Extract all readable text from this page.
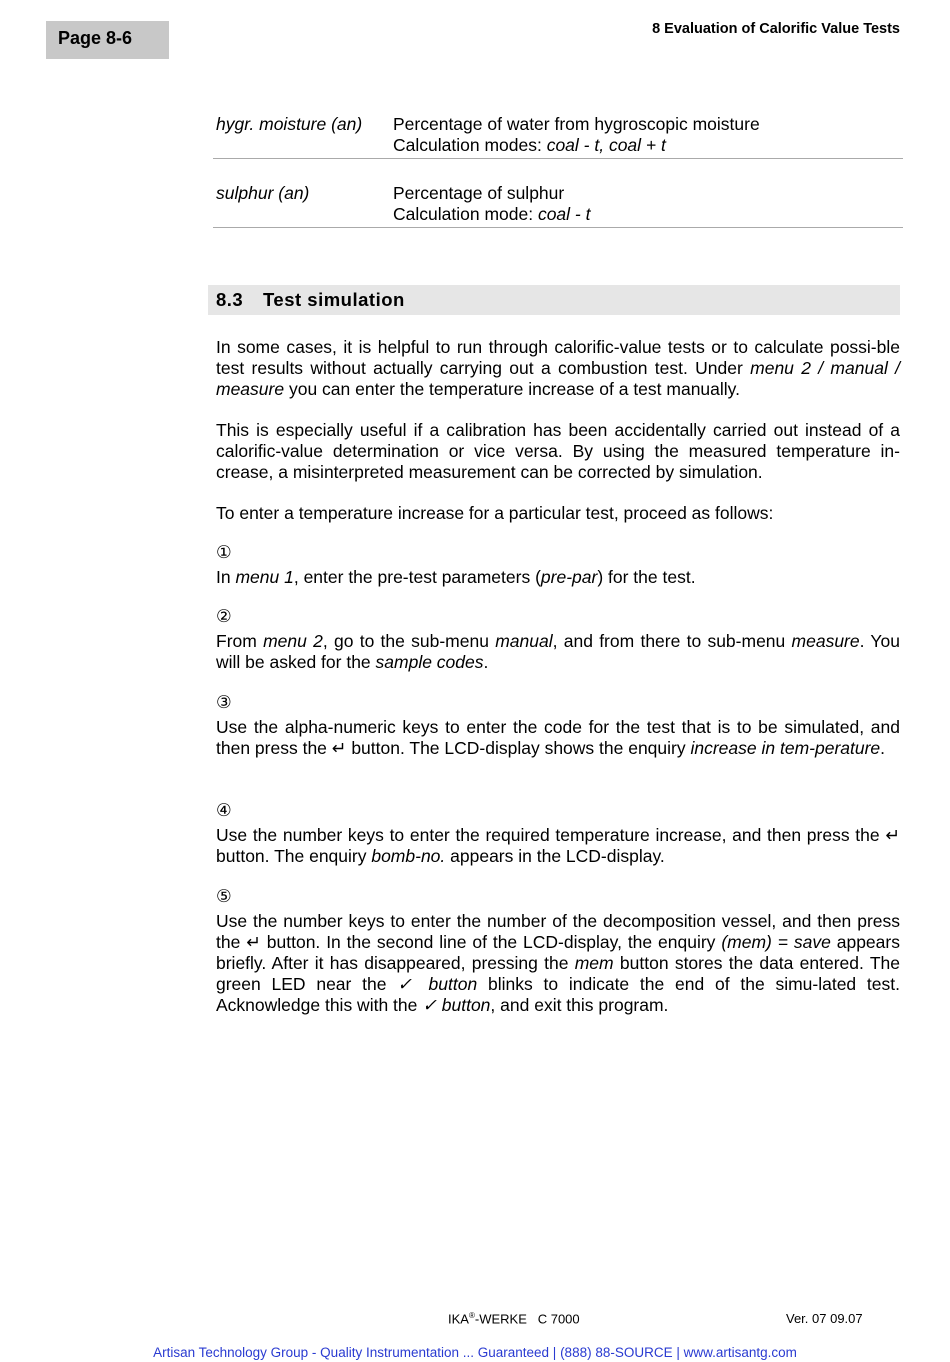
Page 8-6	8 Evaluation of Calorific Value Tests
hygr. moisture (an)	Percentage of water from hygroscopic moisture
Calculation modes: coal - t, coal + t
sulphur (an)	Percentage of sulphur
Calculation mode: coal - t
8.3 Test simulation

In some cases, it is helpful to run through calorific-value tests or to calculate possi-ble test results without actually carrying out a combustion test. Under menu 2 / manual / measure you can enter the temperature increase of a test manually.

This is especially useful if a calibration has been accidentally carried out instead of a calorific-value determination or vice versa. By using the measured temperature in-crease, a misinterpreted measurement can be corrected by simulation.

To enter a temperature increase for a particular test, proceed as follows:

①

In menu 1, enter the pre-test parameters (pre-par) for the test.

②

From menu 2, go to the sub-menu manual, and from there to sub-menu measure. You will be asked for the sample codes.

③

Use the alpha-numeric keys to enter the code for the test that is to be simulated, and then press the ↵ button. The LCD-display shows the enquiry increase in tem-perature.

④

Use the number keys to enter the required temperature increase, and then press the ↵ button. The enquiry bomb-no. appears in the LCD-display.

⑤

Use the number keys to enter the number of the decomposition vessel, and then press the ↵ button. In the second line of the LCD-display, the enquiry (mem) = save appears briefly. After it has disappeared, pressing the mem button stores the data entered. The green LED near the ✓ button blinks to indicate the end of the simu-lated test. Acknowledge this with the ✓ button, and exit this program.

IKA®-WERKE   C 7000	Ver. 07 09.07
Artisan Technology Group - Quality Instrumentation ... Guaranteed | (888) 88-SOURCE | www.artisantg.com
